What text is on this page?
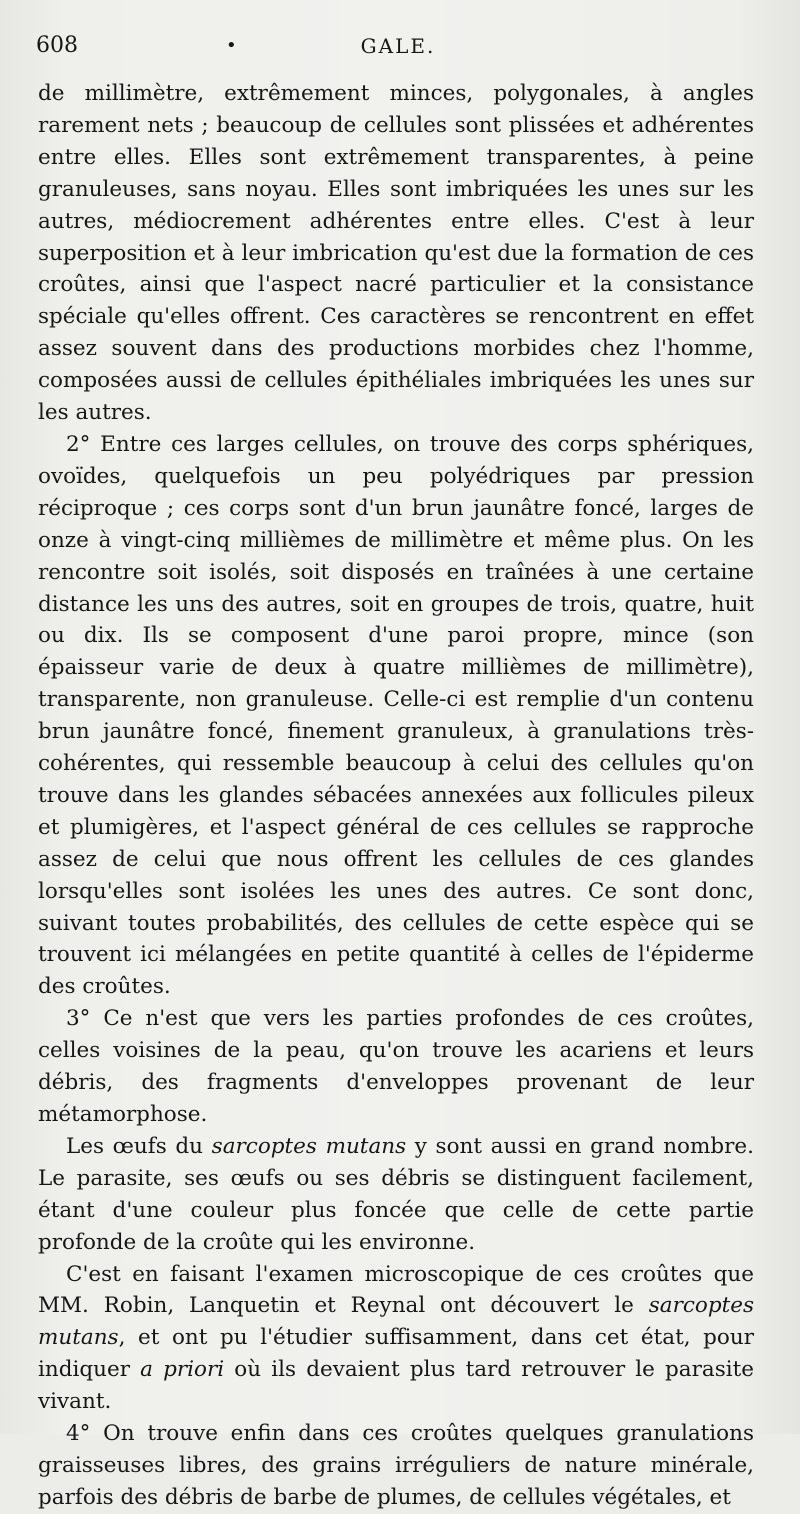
608	•	GALE.

de millimètre, extrêmement minces, polygonales, à angles rarement nets ; beaucoup de cellules sont plissées et adhérentes entre elles. Elles sont extrêmement transparentes, à peine granuleuses, sans noyau. Elles sont imbriquées les unes sur les autres, médiocrement adhérentes entre elles. C'est à leur superposition et à leur imbrication qu'est due la formation de ces croûtes, ainsi que l'aspect nacré particulier et la consistance spéciale qu'elles offrent. Ces caractères se rencontrent en effet assez souvent dans des productions morbides chez l'homme, composées aussi de cellules épithéliales imbriquées les unes sur les autres.

2° Entre ces larges cellules, on trouve des corps sphériques, ovoïdes, quelquefois un peu polyédriques par pression réciproque ; ces corps sont d'un brun jaunâtre foncé, larges de onze à vingt-cinq millièmes de millimètre et même plus. On les rencontre soit isolés, soit disposés en traînées à une certaine distance les uns des autres, soit en groupes de trois, quatre, huit ou dix. Ils se composent d'une paroi propre, mince (son épaisseur varie de deux à quatre millièmes de millimètre), transparente, non granuleuse. Celle-ci est remplie d'un contenu brun jaunâtre foncé, finement granuleux, à granulations très-cohérentes, qui ressemble beaucoup à celui des cellules qu'on trouve dans les glandes sébacées annexées aux follicules pileux et plumigères, et l'aspect général de ces cellules se rapproche assez de celui que nous offrent les cellules de ces glandes lorsqu'elles sont isolées les unes des autres. Ce sont donc, suivant toutes probabilités, des cellules de cette espèce qui se trouvent ici mélangées en petite quantité à celles de l'épiderme des croûtes.

3° Ce n'est que vers les parties profondes de ces croûtes, celles voisines de la peau, qu'on trouve les acariens et leurs débris, des fragments d'enveloppes provenant de leur métamorphose.

Les œufs du sarcoptes mutans y sont aussi en grand nombre. Le parasite, ses œufs ou ses débris se distinguent facilement, étant d'une couleur plus foncée que celle de cette partie profonde de la croûte qui les environne.

C'est en faisant l'examen microscopique de ces croûtes que MM. Robin, Lanquetin et Reynal ont découvert le sarcoptes mutans, et ont pu l'étudier suffisamment, dans cet état, pour indiquer a priori où ils devaient plus tard retrouver le parasite vivant.

4° On trouve enfin dans ces croûtes quelques granulations graisseuses libres, des grains irréguliers de nature minérale, parfois des débris de barbe de plumes, de cellules végétales, et
